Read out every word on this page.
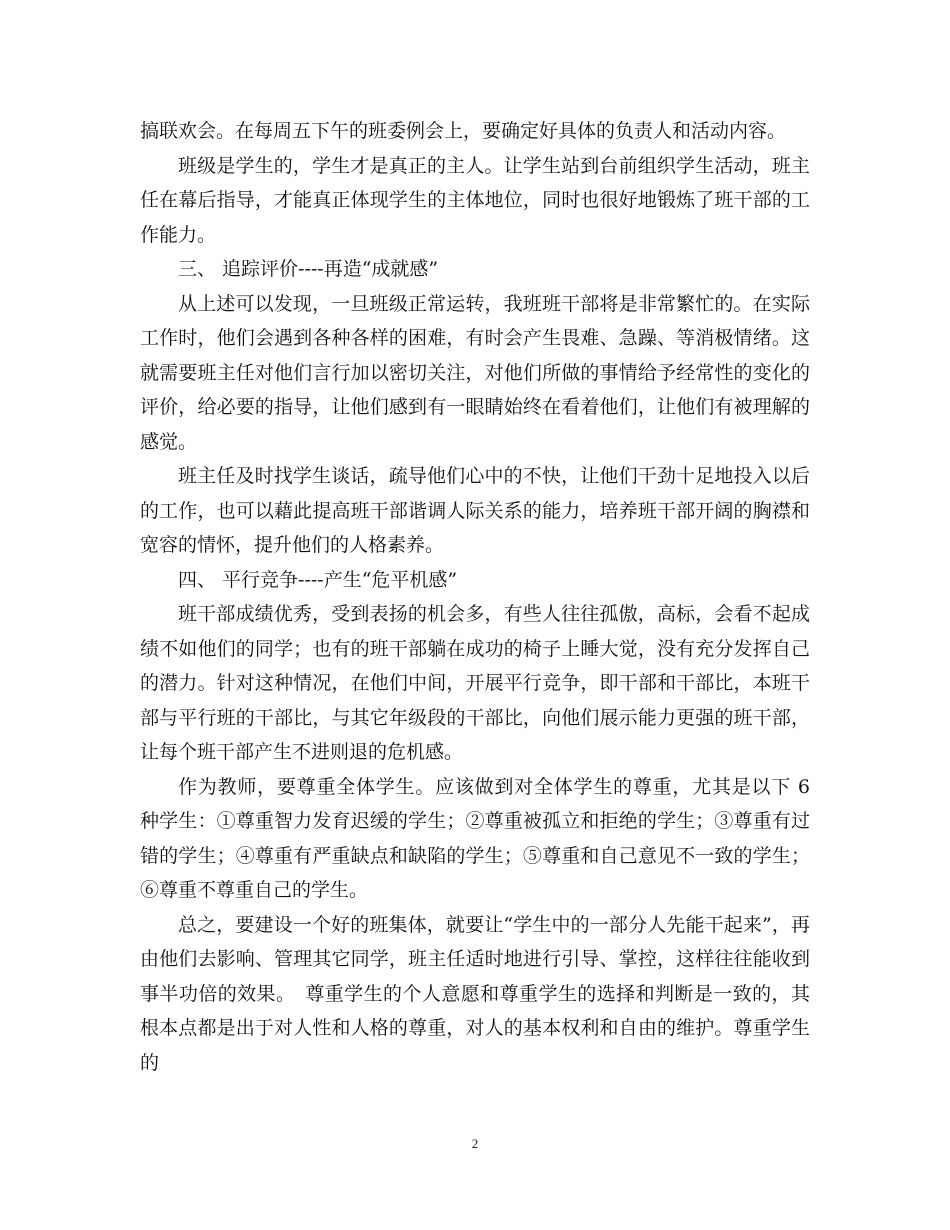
搞联欢会。在每周五下午的班委例会上，要确定好具体的负责人和活动内容。

班级是学生的，学生才是真正的主人。让学生站到台前组织学生活动，班主任在幕后指导，才能真正体现学生的主体地位，同时也很好地锻炼了班干部的工作能力。

三、 追踪评价----再造“成就感”

从上述可以发现，一旦班级正常运转，我班班干部将是非常繁忙的。在实际工作时，他们会遇到各种各样的困难，有时会产生畏难、急躁、等消极情绪。这就需要班主任对他们言行加以密切关注，对他们所做的事情给予经常性的变化的评价，给必要的指导，让他们感到有一眼睛始终在看着他们，让他们有被理解的感觉。

班主任及时找学生谈话，疏导他们心中的不快，让他们干劲十足地投入以后的工作，也可以藉此提高班干部谐调人际关系的能力，培养班干部开阔的胸襟和宽容的情怀，提升他们的人格素养。

四、 平行竞争----产生“危平机感”

班干部成绩优秀，受到表扬的机会多，有些人往往孤傲，高标，会看不起成绩不如他们的同学；也有的班干部躺在成功的椅子上睡大觉，没有充分发挥自己的潜力。针对这种情况，在他们中间，开展平行竞争，即干部和干部比，本班干部与平行班的干部比，与其它年级段的干部比，向他们展示能力更强的班干部，让每个班干部产生不进则退的危机感。

作为教师，要尊重全体学生。应该做到对全体学生的尊重，尤其是以下 6 种学生：①尊重智力发育迟缓的学生；②尊重被孤立和拒绝的学生；③尊重有过错的学生；④尊重有严重缺点和缺陷的学生；⑤尊重和自己意见不一致的学生；⑥尊重不尊重自己的学生。

总之，要建设一个好的班集体，就要让“学生中的一部分人先能干起来”，再由他们去影响、管理其它同学，班主任适时地进行引导、掌控，这样往往能收到事半功倍的效果。　尊重学生的个人意愿和尊重学生的选择和判断是一致的，其根本点都是出于对人性和人格的尊重，对人的基本权利和自由的维护。尊重学生的

2
